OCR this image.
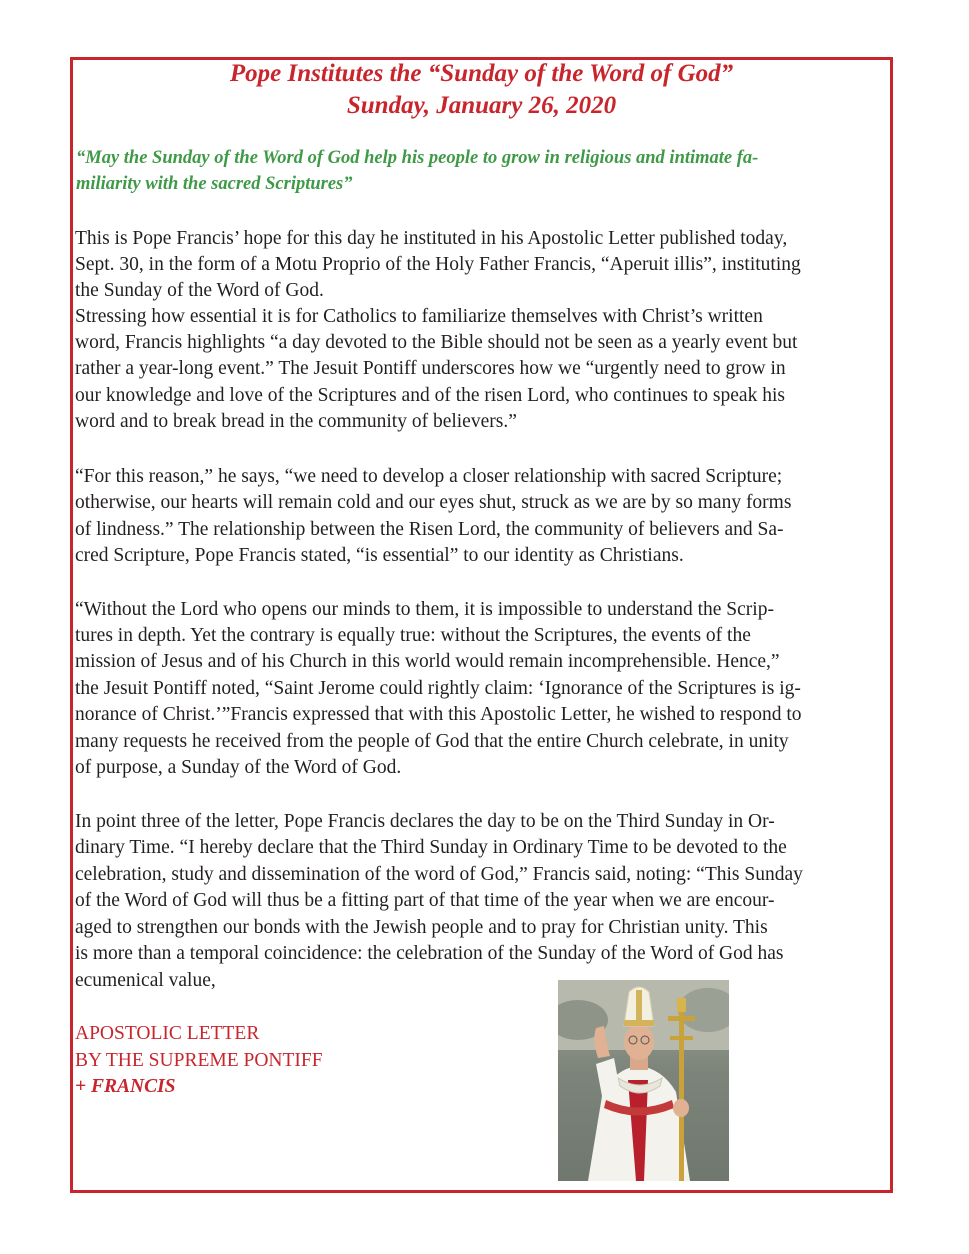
Pope Institutes the “Sunday of the Word of God”
Sunday, January 26, 2020
“May the Sunday of the Word of God help his people to grow in religious and intimate fa-
miliarity with the sacred Scriptures”
This is Pope Francis’ hope for this day he instituted in his Apostolic Letter published today,
Sept. 30, in the form of a Motu Proprio of the Holy Father Francis, “Aperuit illis”, instituting
the Sunday of the Word of God.
Stressing how essential it is for Catholics to familiarize themselves with Christ’s written
word, Francis highlights “a day devoted to the Bible should not be seen as a yearly event but
rather a year-long event.” The Jesuit Pontiff underscores how we “urgently need to grow in
our knowledge and love of the Scriptures and of the risen Lord, who continues to speak his
word and to break bread in the community of believers.”
“For this reason,” he says, “we need to develop a closer relationship with sacred Scripture;
otherwise, our hearts will remain cold and our eyes shut, struck as we are by so many forms
of lindness.” The relationship between the Risen Lord, the community of believers and Sa-
cred Scripture, Pope Francis stated, “is essential” to our identity as Christians.
“Without the Lord who opens our minds to them, it is impossible to understand the Scrip-
tures in depth. Yet the contrary is equally true: without the Scriptures, the events of the
mission of Jesus and of his Church in this world would remain incomprehensible. Hence,”
the Jesuit Pontiff noted, “Saint Jerome could rightly claim: ‘Ignorance of the Scriptures is ig-
norance of Christ.’”Francis expressed that with this Apostolic Letter, he wished to respond to
many requests he received from the people of God that the entire Church celebrate, in unity
of purpose, a Sunday of the Word of God.
In point three of the letter, Pope Francis declares the day to be on the Third Sunday in Or-
dinary Time. “I hereby declare that the Third Sunday in Ordinary Time to be devoted to the
celebration, study and dissemination of the word of God,” Francis said, noting: “This Sunday
of the Word of God will thus be a fitting part of that time of the year when we are encour-
aged to strengthen our bonds with the Jewish people and to pray for Christian unity. This
is more than a temporal coincidence: the celebration of the Sunday of the Word of God has
ecumenical value,
APOSTOLIC LETTER
BY THE SUPREME PONTIFF
+ FRANCIS
